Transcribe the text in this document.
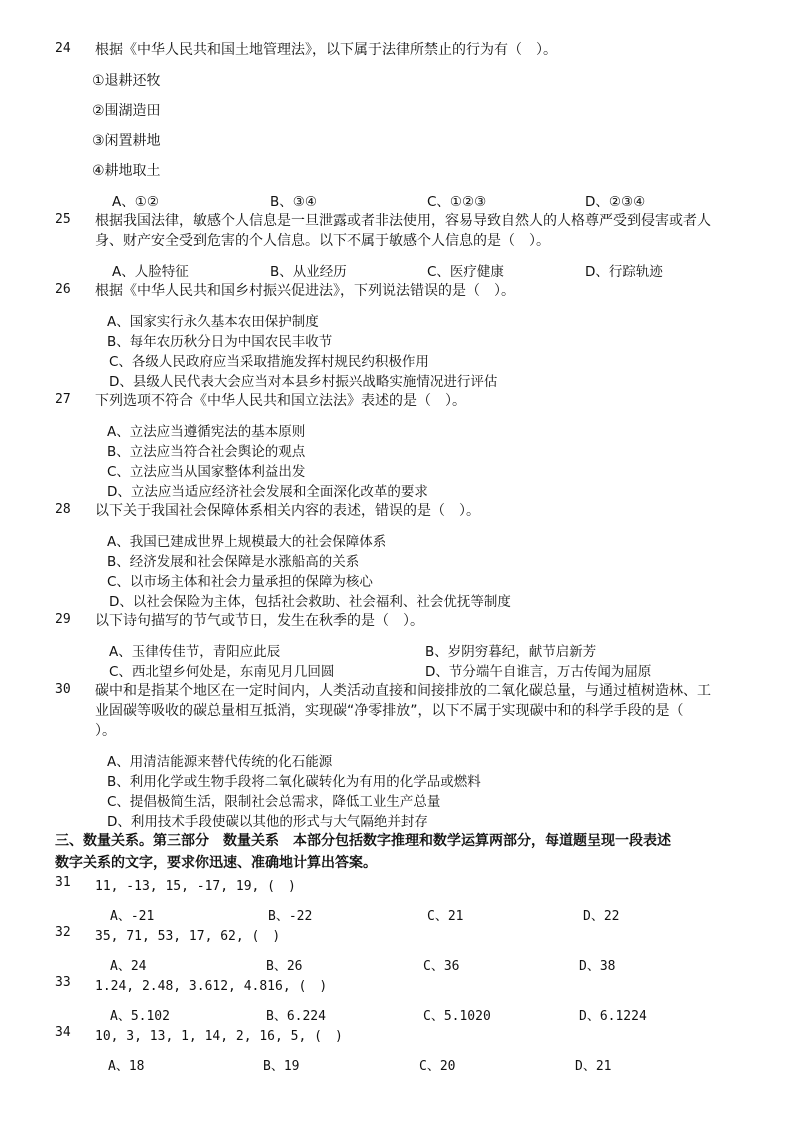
24 根据《中华人民共和国土地管理法》，以下属于法律所禁止的行为有（　）。
①退耕还牧
②围湖造田
③闲置耕地
④耕地取土
A、①②	B、③④	C、①②③	D、②③④
25 根据我国法律，敏感个人信息是一旦泄露或者非法使用，容易导致自然人的人格尊严受到侵害或者人
身、财产安全受到危害的个人信息。以下不属于敏感个人信息的是（　）。
A、人脸特征	B、从业经历	C、医疗健康	D、行踪轨迹
26 根据《中华人民共和国乡村振兴促进法》，下列说法错误的是（　）。
A、国家实行永久基本农田保护制度
B、每年农历秋分日为中国农民丰收节
C、各级人民政府应当采取措施发挥村规民约积极作用
D、县级人民代表大会应当对本县乡村振兴战略实施情况进行评估
27 下列选项不符合《中华人民共和国立法法》表述的是（　）。
A、立法应当遵循宪法的基本原则
B、立法应当符合社会舆论的观点
C、立法应当从国家整体利益出发
D、立法应当适应经济社会发展和全面深化改革的要求
28 以下关于我国社会保障体系相关内容的表述，错误的是（　）。
A、我国已建成世界上规模最大的社会保障体系
B、经济发展和社会保障是水涨船高的关系
C、以市场主体和社会力量承担的保障为核心
D、以社会保险为主体，包括社会救助、社会福利、社会优抚等制度
29 以下诗句描写的节气或节日，发生在秋季的是（　）。
A、玉律传佳节，青阳应此辰	B、岁阴穷暮纪，献节启新芳
C、西北望乡何处是，东南见月几回圆	D、节分端午自谁言，万古传闻为屈原
30 碳中和是指某个地区在一定时间内，人类活动直接和间接排放的二氧化碳总量，与通过植树造林、工
业固碳等吸收的碳总量相互抵消，实现碳“净零排放”，以下不属于实现碳中和的科学手段的是（
）。
A、用清洁能源来替代传统的化石能源
B、利用化学或生物手段将二氧化碳转化为有用的化学品或燃料
C、提倡极简生活，限制社会总需求，降低工业生产总量
D、利用技术手段使碳以其他的形式与大气隔绝并封存
三、数量关系。第三部分　数量关系　本部分包括数字推理和数学运算两部分，每道题呈现一段表述
数字关系的文字，要求你迅速、准确地计算出答案。
31 11, -13, 15, -17, 19, (　)
A、-21	B、-22	C、21	D、22
32 35, 71, 53, 17, 62, (　)
A、24	B、26	C、36	D、38
33 1.24, 2.48, 3.612, 4.816, (　)
A、5.102	B、6.224	C、5.1020	D、6.1224
34 10, 3, 13, 1, 14, 2, 16, 5, (　)
A、18	B、19	C、20	D、21
